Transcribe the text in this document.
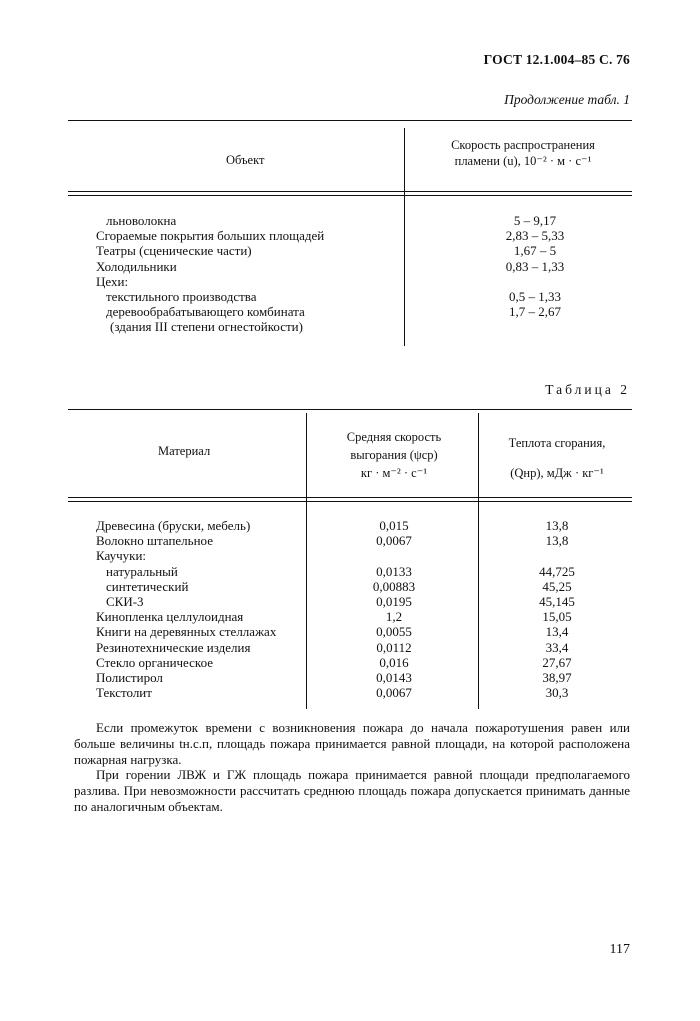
ГОСТ 12.1.004–85 С. 76
Продолжение табл. 1
Объект
Скорость распространения
пламени (u), 10⁻² · м · с⁻¹
льноволокна
Сгораемые покрытия больших площадей
Театры (сценические части)
Холодильники
Цехи:
текстильного производства
деревообрабатывающего комбината
(здания III степени огнестойкости)
5 – 9,17
2,83 – 5,33
1,67 – 5
0,83 – 1,33
0,5 – 1,33
1,7 – 2,67
Таблица 2
Материал
Средняя скорость
выгорания (ψср)
кг · м⁻² · с⁻¹
Теплота сгорания,
(Qнр), мДж · кг⁻¹
Древесина (бруски, мебель)
Волокно штапельное
Каучуки:
натуральный
синтетический
СКИ-3
Кинопленка целлулоидная
Книги на деревянных стеллажах
Резинотехнические изделия
Стекло органическое
Полистирол
Текстолит
0,015
0,0067
0,0133
0,00883
0,0195
1,2
0,0055
0,0112
0,016
0,0143
0,0067
13,8
13,8
44,725
45,25
45,145
15,05
13,4
33,4
27,67
38,97
30,3

Если промежуток времени с возникновения пожара до начала пожаротушения равен или больше величины tн.с.п, площадь пожара принимается равной площади, на которой расположена пожарная нагрузка.

При горении ЛВЖ и ГЖ площадь пожара принимается равной площади предполагаемого разлива. При невозможности рассчитать среднюю площадь пожара допускается принимать данные по аналогичным объектам.

117
